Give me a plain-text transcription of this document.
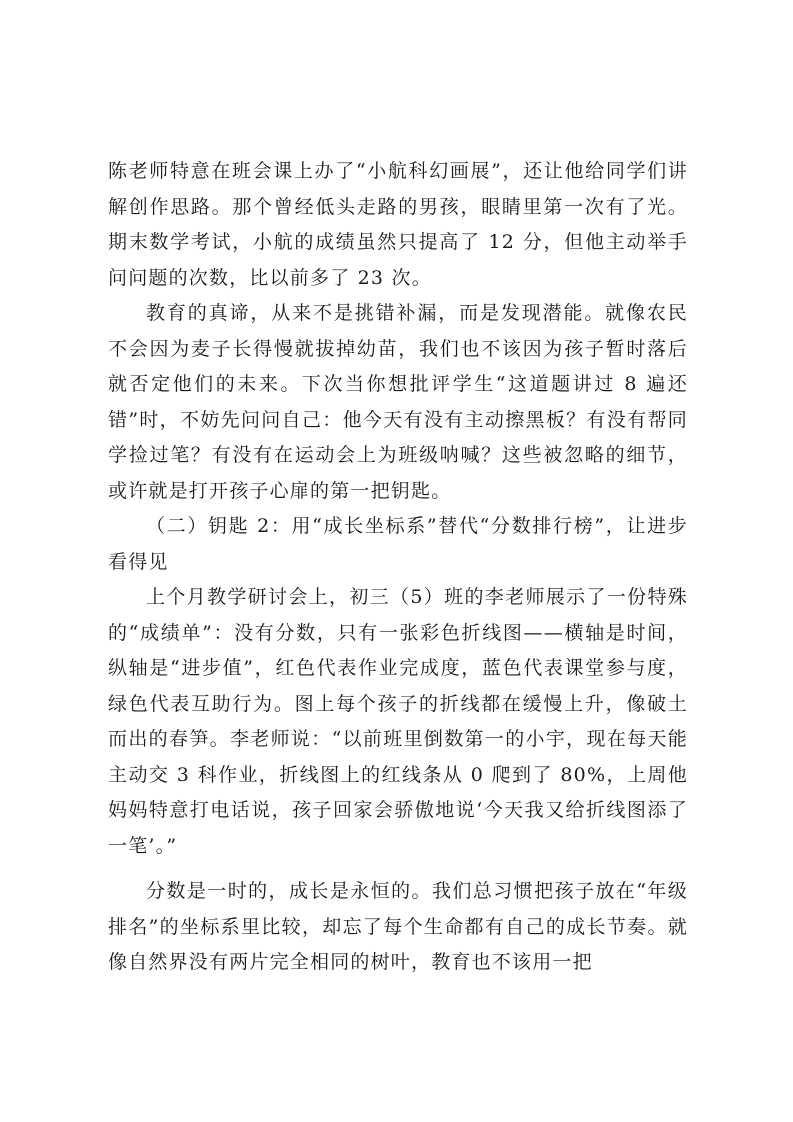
陈老师特意在班会课上办了“小航科幻画展”，还让他给同学们讲解创作思路。那个曾经低头走路的男孩，眼睛里第一次有了光。期末数学考试，小航的成绩虽然只提高了 12 分，但他主动举手问问题的次数，比以前多了 23 次。

教育的真谛，从来不是挑错补漏，而是发现潜能。就像农民不会因为麦子长得慢就拔掉幼苗，我们也不该因为孩子暂时落后就否定他们的未来。下次当你想批评学生“这道题讲过 8 遍还错”时，不妨先问问自己：他今天有没有主动擦黑板？有没有帮同学捡过笔？有没有在运动会上为班级呐喊？这些被忽略的细节，或许就是打开孩子心扉的第一把钥匙。

（二）钥匙 2：用“成长坐标系”替代“分数排行榜”，让进步看得见

上个月教学研讨会上，初三（5）班的李老师展示了一份特殊的“成绩单”：没有分数，只有一张彩色折线图——横轴是时间，纵轴是“进步值”，红色代表作业完成度，蓝色代表课堂参与度，绿色代表互助行为。图上每个孩子的折线都在缓慢上升，像破土而出的春笋。李老师说：“以前班里倒数第一的小宇，现在每天能主动交 3 科作业，折线图上的红线条从 0 爬到了 80%，上周他妈妈特意打电话说，孩子回家会骄傲地说‘今天我又给折线图添了一笔’。”

分数是一时的，成长是永恒的。我们总习惯把孩子放在“年级排名”的坐标系里比较，却忘了每个生命都有自己的成长节奏。就像自然界没有两片完全相同的树叶，教育也不该用一把
